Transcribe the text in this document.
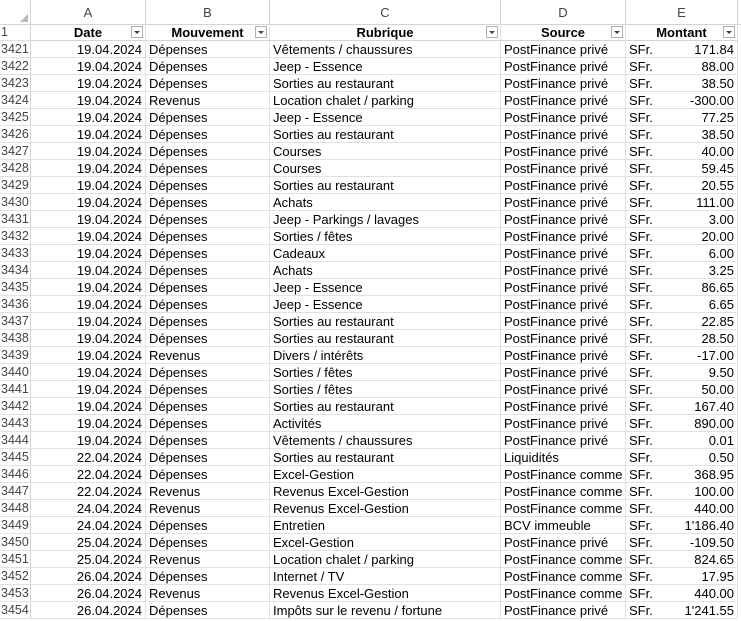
A	B	C	D	E
1	Date	Mouvement	Rubrique	Source	Montant
3421	19.04.2024 Dépenses	Vêtements / chaussures	PostFinance privé	SFr.	171.84
3422	19.04.2024 Dépenses	Jeep - Essence	PostFinance privé	SFr.	88.00
3423	19.04.2024 Dépenses	Sorties au restaurant	PostFinance privé	SFr.	38.50
3424	19.04.2024 Revenus	Location chalet / parking	PostFinance privé	SFr.	-300.00
3425	19.04.2024 Dépenses	Jeep - Essence	PostFinance privé	SFr.	77.25
3426	19.04.2024 Dépenses	Sorties au restaurant	PostFinance privé	SFr.	38.50
3427	19.04.2024 Dépenses	Courses	PostFinance privé	SFr.	40.00
3428	19.04.2024 Dépenses	Courses	PostFinance privé	SFr.	59.45
3429	19.04.2024 Dépenses	Sorties au restaurant	PostFinance privé	SFr.	20.55
3430	19.04.2024 Dépenses	Achats	PostFinance privé	SFr.	111.00
3431	19.04.2024 Dépenses	Jeep - Parkings / lavages	PostFinance privé	SFr.	3.00
3432	19.04.2024 Dépenses	Sorties / fêtes	PostFinance privé	SFr.	20.00
3433	19.04.2024 Dépenses	Cadeaux	PostFinance privé	SFr.	6.00
3434	19.04.2024 Dépenses	Achats	PostFinance privé	SFr.	3.25
3435	19.04.2024 Dépenses	Jeep - Essence	PostFinance privé	SFr.	86.65
3436	19.04.2024 Dépenses	Jeep - Essence	PostFinance privé	SFr.	6.65
3437	19.04.2024 Dépenses	Sorties au restaurant	PostFinance privé	SFr.	22.85
3438	19.04.2024 Dépenses	Sorties au restaurant	PostFinance privé	SFr.	28.50
3439	19.04.2024 Revenus	Divers / intérêts	PostFinance privé	SFr.	-17.00
3440	19.04.2024 Dépenses	Sorties / fêtes	PostFinance privé	SFr.	9.50
3441	19.04.2024 Dépenses	Sorties / fêtes	PostFinance privé	SFr.	50.00
3442	19.04.2024 Dépenses	Sorties au restaurant	PostFinance privé	SFr.	167.40
3443	19.04.2024 Dépenses	Activités	PostFinance privé	SFr.	890.00
3444	19.04.2024 Dépenses	Vêtements / chaussures	PostFinance privé	SFr.	0.01
3445	22.04.2024 Dépenses	Sorties au restaurant	Liquidités	SFr.	0.50
3446	22.04.2024 Dépenses	Excel-Gestion	PostFinance comme SFr.	368.95
3447	22.04.2024 Revenus	Revenus Excel-Gestion	PostFinance comme SFr.	100.00
3448	24.04.2024 Revenus	Revenus Excel-Gestion	PostFinance comme SFr.	440.00
3449	24.04.2024 Dépenses	Entretien	BCV immeuble	SFr.	1'186.40
3450	25.04.2024 Dépenses	Excel-Gestion	PostFinance privé	SFr.	-109.50
3451	25.04.2024 Revenus	Location chalet / parking	PostFinance comme SFr.	824.65
3452	26.04.2024 Dépenses	Internet / TV	PostFinance comme SFr.	17.95
3453	26.04.2024 Revenus	Revenus Excel-Gestion	PostFinance comme SFr.	440.00
3454	26.04.2024 Dépenses	Impôts sur le revenu / fortune	PostFinance privé	SFr.	1'241.55
